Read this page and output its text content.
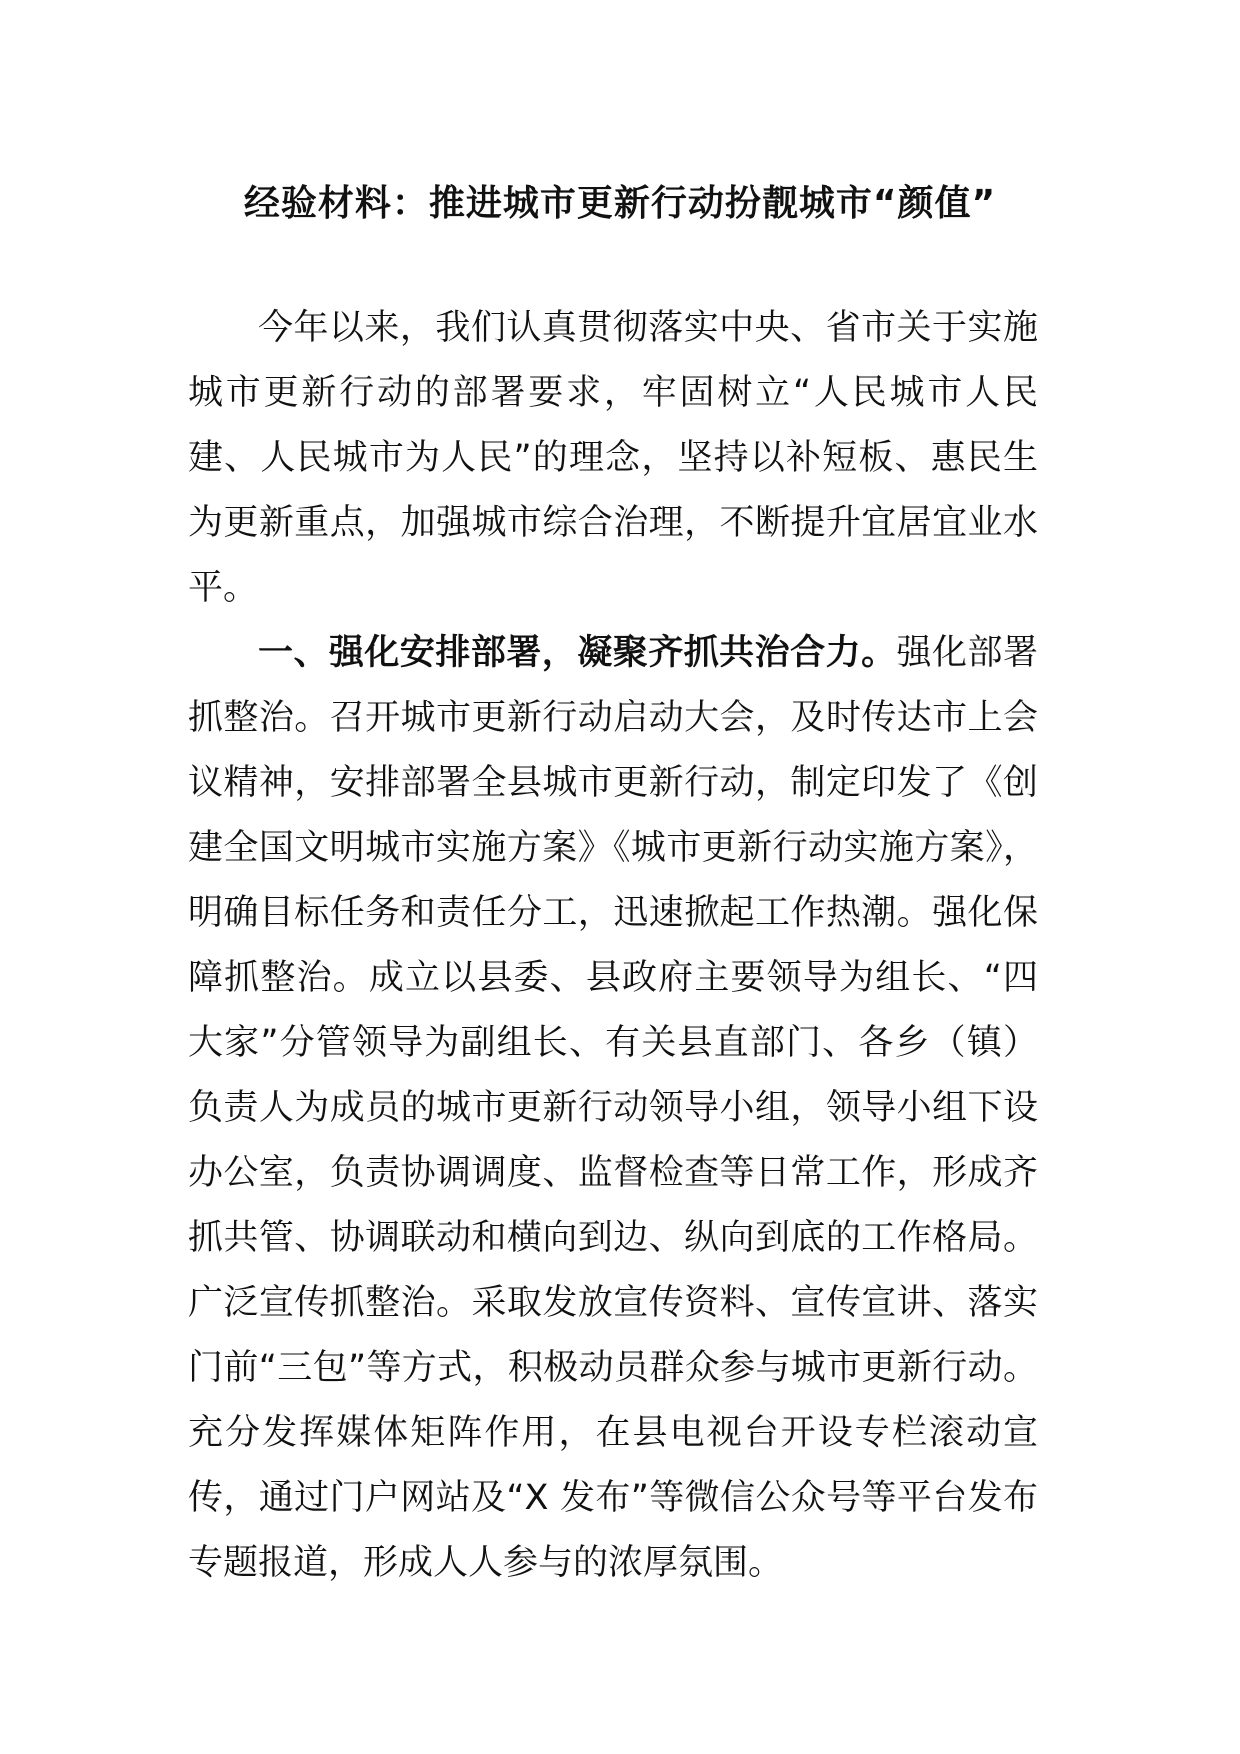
经验材料：推进城市更新行动扮靓城市“颜值”

今年以来，我们认真贯彻落实中央、省市关于实施城市更新行动的部署要求，牢固树立“人民城市人民建、人民城市为人民”的理念，坚持以补短板、惠民生为更新重点，加强城市综合治理，不断提升宜居宜业水平。

一、强化安排部署，凝聚齐抓共治合力。强化部署抓整治。召开城市更新行动启动大会，及时传达市上会议精神，安排部署全县城市更新行动，制定印发了《创建全国文明城市实施方案》《城市更新行动实施方案》，明确目标任务和责任分工，迅速掀起工作热潮。强化保障抓整治。成立以县委、县政府主要领导为组长、“四大家”分管领导为副组长、有关县直部门、各乡（镇）负责人为成员的城市更新行动领导小组，领导小组下设办公室，负责协调调度、监督检查等日常工作，形成齐抓共管、协调联动和横向到边、纵向到底的工作格局。广泛宣传抓整治。采取发放宣传资料、宣传宣讲、落实门前“三包”等方式，积极动员群众参与城市更新行动。充分发挥媒体矩阵作用，在县电视台开设专栏滚动宣传，通过门户网站及“X 发布”等微信公众号等平台发布专题报道，形成人人参与的浓厚氛围。
